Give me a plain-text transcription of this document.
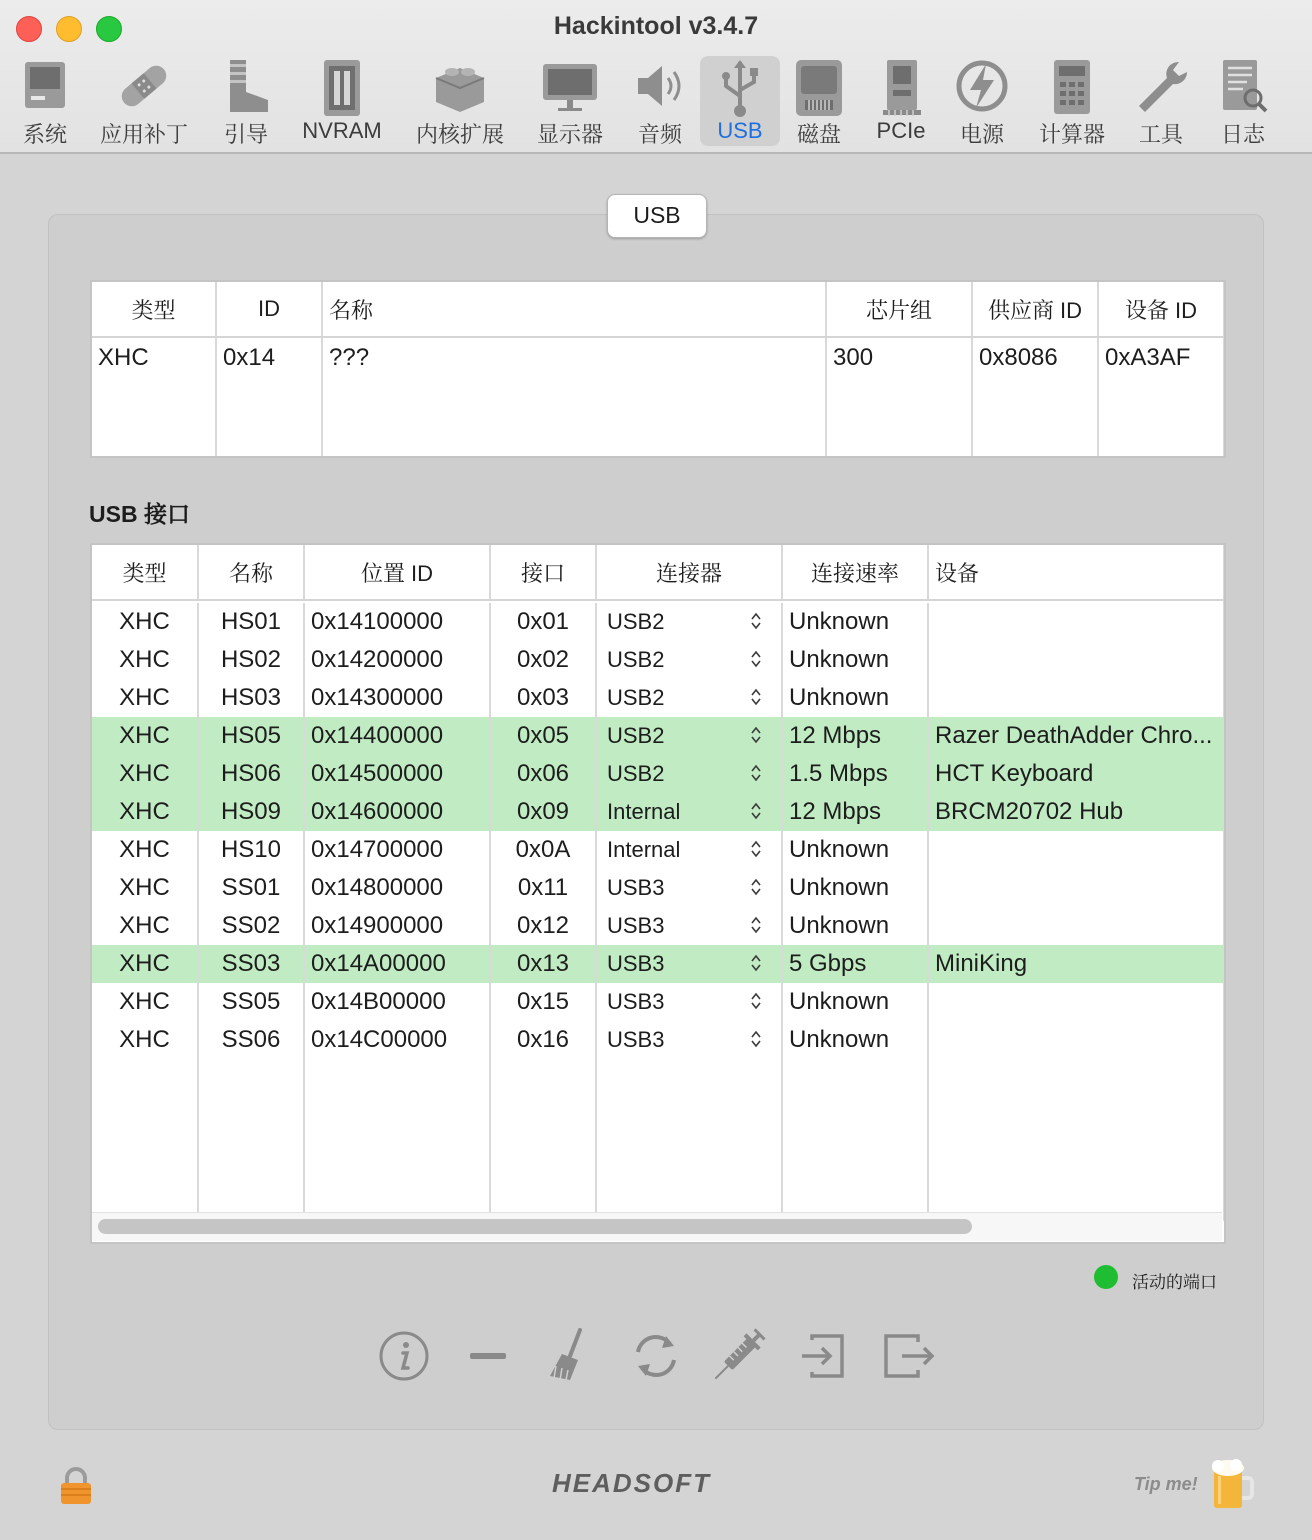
Hackintool v3.4.7
系统	应用补丁	引导	NVRAM	内核扩展	显示器	音频	USB	磁盘	PCIe	电源	计算器	工具	日志
USB
类型	ID	名称	芯片组	供应商 ID	设备 ID
XHC	0x14	???	300	0x8086	0xA3AF
USB 接口
类型	名称	位置 ID	接口	连接器	连接速率	设备

XHC	HS01	0x14100000	0x01	USB2	Unknown	
XHC	HS02	0x14200000	0x02	USB2	Unknown	
XHC	HS03	0x14300000	0x03	USB2	Unknown	
XHC	HS05	0x14400000	0x05	USB2	12 Mbps	Razer DeathAdder Chro...
XHC	HS06	0x14500000	0x06	USB2	1.5 Mbps	HCT Keyboard
XHC	HS09	0x14600000	0x09	Internal	12 Mbps	BRCM20702 Hub
XHC	HS10	0x14700000	0x0A	Internal	Unknown	
XHC	SS01	0x14800000	0x11	USB3	Unknown	
XHC	SS02	0x14900000	0x12	USB3	Unknown	
XHC	SS03	0x14A00000	0x13	USB3	5 Gbps	MiniKing
XHC	SS05	0x14B00000	0x15	USB3	Unknown	
XHC	SS06	0x14C00000	0x16	USB3	Unknown	

活动的端口
HEADSOFT	Tip me!
